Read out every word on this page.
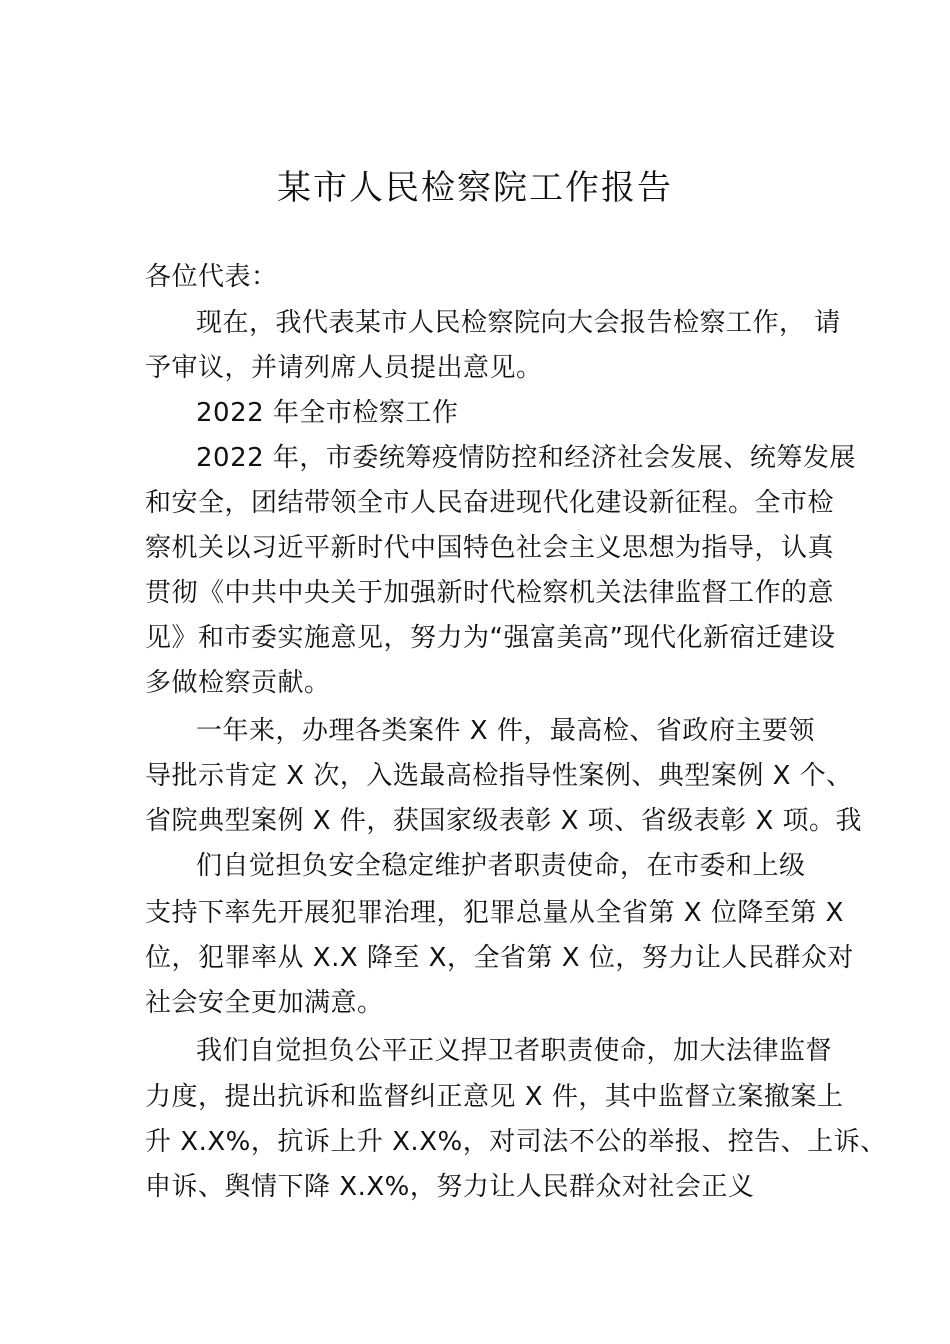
某市人民检察院工作报告
各位代表：
现在，我代表某市人民检察院向大会报告检察工作， 请
予审议，并请列席人员提出意见。
2022 年全市检察工作
2022 年，市委统筹疫情防控和经济社会发展、统筹发展
和安全，团结带领全市人民奋进现代化建设新征程。全市检
察机关以习近平新时代中国特色社会主义思想为指导，认真
贯彻《中共中央关于加强新时代检察机关法律监督工作的意
见》和市委实施意见，努力为“强富美高”现代化新宿迁建设
多做检察贡献。
一年来，办理各类案件 X 件，最高检、省政府主要领
导批示肯定 X 次，入选最高检指导性案例、典型案例 X 个、
省院典型案例 X 件，获国家级表彰 X 项、省级表彰 X 项。我
们自觉担负安全稳定维护者职责使命，在市委和上级
支持下率先开展犯罪治理，犯罪总量从全省第 X 位降至第 X
位，犯罪率从 X.X 降至 X，全省第 X 位，努力让人民群众对
社会安全更加满意。
我们自觉担负公平正义捍卫者职责使命，加大法律监督
力度，提出抗诉和监督纠正意见 X 件，其中监督立案撤案上
升 X.X%，抗诉上升 X.X%，对司法不公的举报、控告、上诉、
申诉、舆情下降 X.X%，努力让人民群众对社会正义
